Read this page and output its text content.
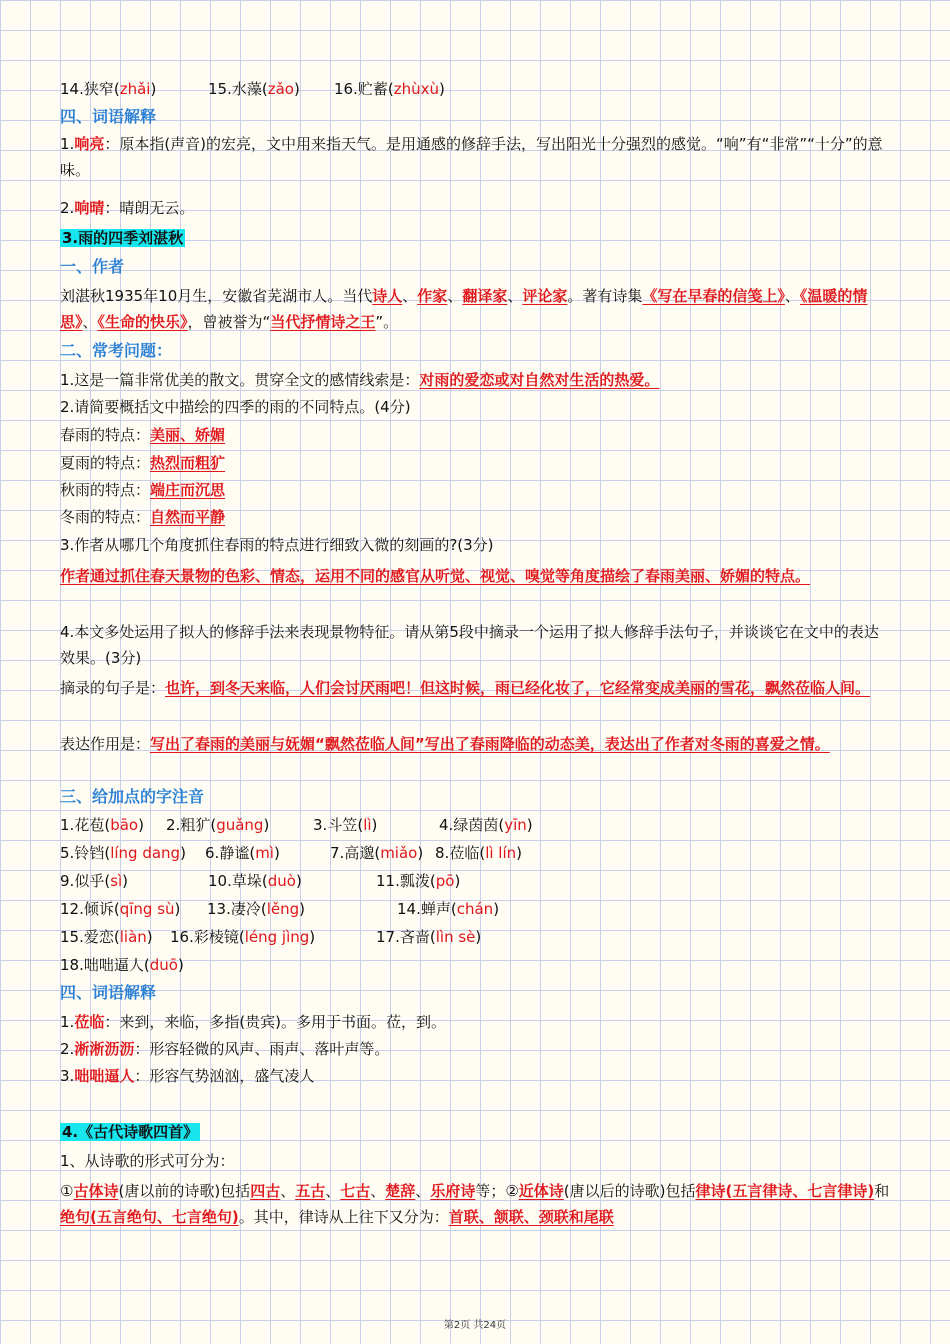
14.狭窄(zhǎi)	15.水藻(zǎo) 16.贮蓄(zhùxù)
四、词语解释
1.响亮：原本指(声音)的宏亮，文中用来指天气。是用通感的修辞手法，写出阳光十分强烈的感觉。“响”有“非常”“十分”的意味。
2.响晴：晴朗无云。
3.雨的四季刘湛秋
一、作者
刘湛秋1935年10月生，安徽省芜湖市人。当代诗人、作家、翻译家、评论家。著有诗集《写在早春的信笺上》、《温暖的情思》、《生命的快乐》，曾被誉为“当代抒情诗之王”。
二、常考问题：
1.这是一篇非常优美的散文。贯穿全文的感情线索是：对雨的爱恋或对自然对生活的热爱。
2.请简要概括文中描绘的四季的雨的不同特点。(4分)
春雨的特点：美丽、娇媚
夏雨的特点：热烈而粗犷
秋雨的特点：端庄而沉思
冬雨的特点：自然而平静
3.作者从哪几个角度抓住春雨的特点进行细致入微的刻画的?(3分)
作者通过抓住春天景物的色彩、情态，运用不同的感官从听觉、视觉、嗅觉等角度描绘了春雨美丽、娇媚的特点。
4.本文多处运用了拟人的修辞手法来表现景物特征。请从第5段中摘录一个运用了拟人修辞手法句子，并谈谈它在文中的表达效果。(3分)
摘录的句子是：也许，到冬天来临，人们会讨厌雨吧！但这时候，雨已经化妆了，它经常变成美丽的雪花，飘然莅临人间。
表达作用是：写出了春雨的美丽与妩媚“飘然莅临人间”写出了春雨降临的动态美，表达出了作者对冬雨的喜爱之情。
三、给加点的字注音
1.花苞(bāo) 2.粗犷(guǎng)	3.斗笠(lì)	4.绿茵茵(yīn)
5.铃铛(líng dang) 6.静谧(mì)	7.高邈(miǎo) 8.莅临(lì lín)
9.似乎(sì)	10.草垛(duò)	11.瓢泼(pō)
12.倾诉(qīng sù) 13.凄冷(lěng)	14.蝉声(chán)
15.爱恋(liàn) 16.彩棱镜(léng jìng)	17.吝啬(lìn sè)
18.咄咄逼人(duō)
四、词语解释
1.莅临：来到，来临，多指(贵宾)。多用于书面。莅，到。
2.淅淅沥沥：形容轻微的风声、雨声、落叶声等。
3.咄咄逼人：形容气势汹汹，盛气凌人
4.《古代诗歌四首》
1、从诗歌的形式可分为：
①古体诗(唐以前的诗歌)包括四古、五古、七古、楚辞、乐府诗等；②近体诗(唐以后的诗歌)包括律诗(五言律诗、七言律诗)和绝句(五言绝句、七言绝句)。其中，律诗从上往下又分为：首联、颔联、颈联和尾联
第2页 共24页
